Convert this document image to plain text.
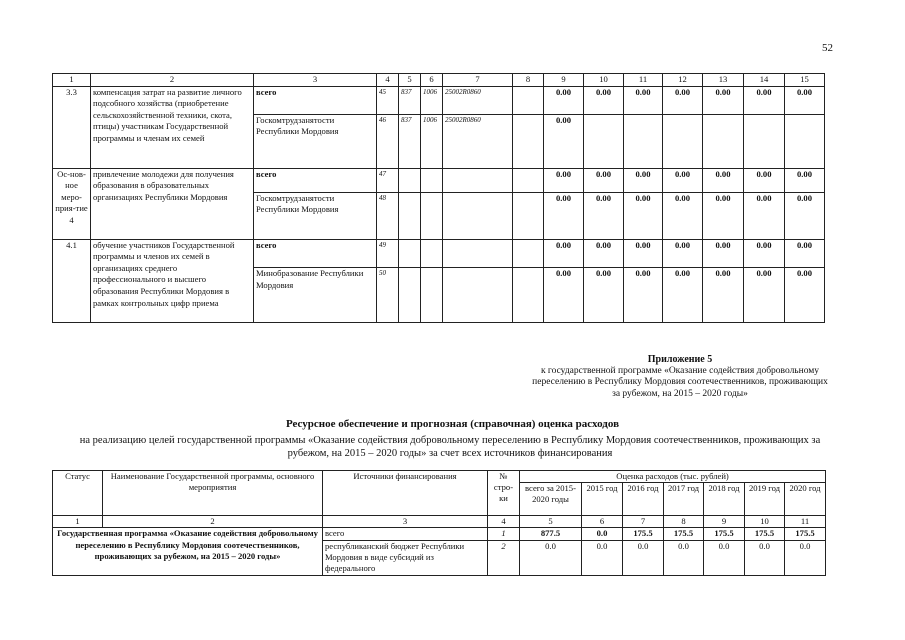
52
1	2	3	4	5	6	7	8	9	10	11	12	13	14	15
3.3	компенсация затрат на развитие личного подсобного хозяйства (приобретение сельскохозяйственной техники, скота, птицы) участникам Государственной программы и членам их семей	всего	45	837	1006	25002R0860		0.00	0.00	0.00	0.00	0.00	0.00	0.00
		Госкомтрудзанятости Республики Мордовия	46	837	1006	25002R0860		0.00						
Ос-нов-ное меро-прия-тие 4	привлечение молодежи для получения образования в образовательных организациях Республики Мордовия	всего	47					0.00	0.00	0.00	0.00	0.00	0.00	0.00
		Госкомтрудзанятости Республики Мордовия	48					0.00	0.00	0.00	0.00	0.00	0.00	0.00
4.1	обучение участников Государственной программы и членов их семей в организациях среднего профессионального и высшего образования Республики Мордовия в рамках контрольных цифр приема	всего	49					0.00	0.00	0.00	0.00	0.00	0.00	0.00
		Минобразование Республики Мордовия	50					0.00	0.00	0.00	0.00	0.00	0.00	0.00
Приложение 5
к государственной программе «Оказание содействия добровольному переселению в Республику Мордовия соотечественников, проживающих за рубежом, на 2015 – 2020 годы»
Ресурсное обеспечение и прогнозная (справочная) оценка расходов
на реализацию целей государственной программы «Оказание содействия добровольному переселению в Республику Мордовия соотечественников, проживающих за рубежом, на 2015 – 2020 годы» за счет всех источников финансирования
Статус	Наименование Государственной программы, основного мероприятия	Источники финансирования	№ стро-ки	Оценка расходов (тыс. рублей)						
				всего за 2015-2020 годы	2015 год	2016 год	2017 год	2018 год	2019 год	2020 год
1	2	3	4	5	6	7	8	9	10	11
Государственная программа «Оказание содействия добровольному переселению в Республику Мордовия соотечественников, проживающих за рубежом, на 2015 – 2020 годы»		всего	1	877.5	0.0	175.5	175.5	175.5	175.5	175.5
		республиканский бюджет Республики Мордовия в виде субсидий из федерального	2	0.0	0.0	0.0	0.0	0.0	0.0	0.0
